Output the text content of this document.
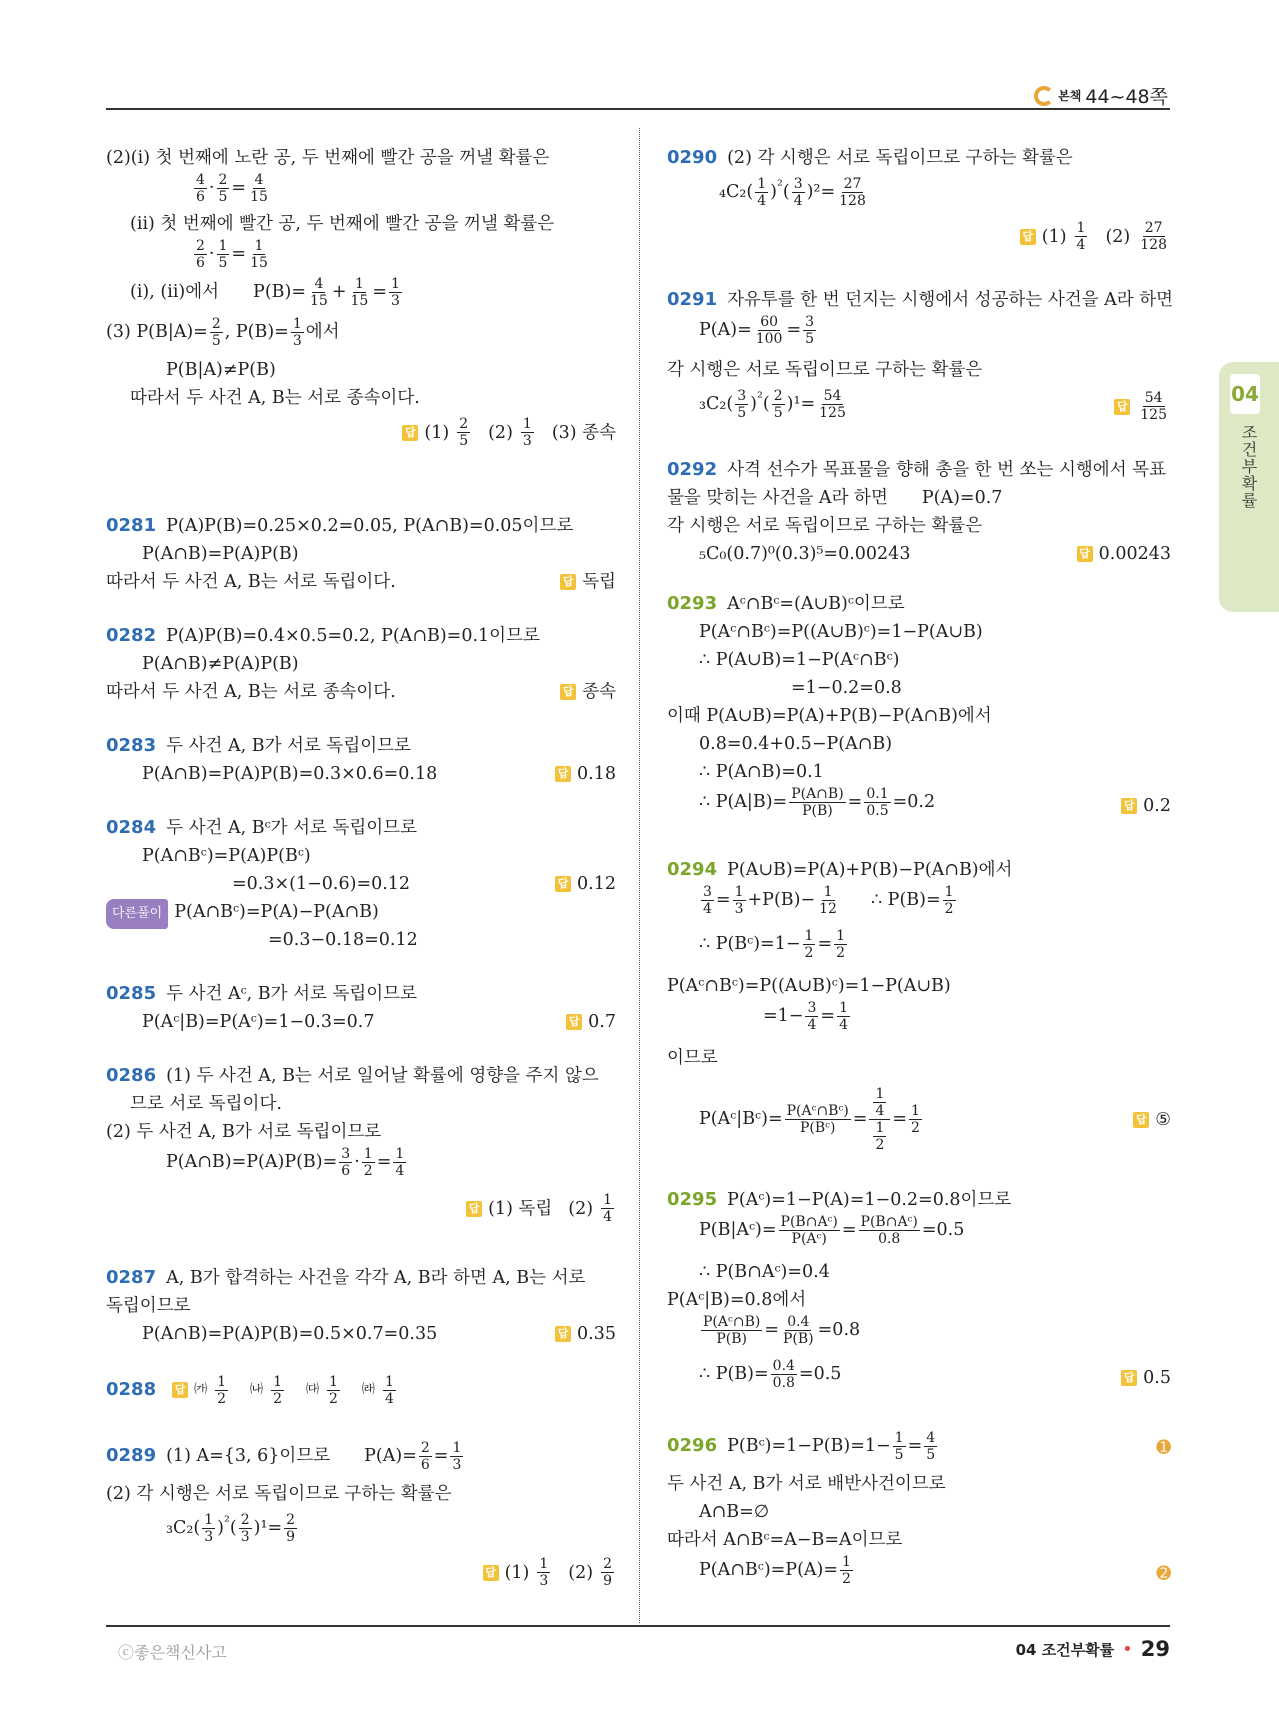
본책 44~48쪽
04
조건부확률
(2)(ⅰ) 첫 번째에 노란 공, 두 번째에 빨간 공을 꺼낼 확률은
$\frac{4}{6} \cdot \frac{2}{5} = \frac{4}{15}$
(ⅱ) 첫 번째에 빨간 공, 두 번째에 빨간 공을 꺼낼 확률은
$\frac{2}{6} \cdot \frac{1}{5} = \frac{1}{15}$
(ⅰ), (ⅱ)에서 $P(B)= \frac{4}{15} + \frac{1}{15} = \frac{1}{3}$
(3) $P(B|A)= \frac{2}{5}$ , $P(B)= \frac{1}{3}$ 에서
P(B|A)≠P(B)
따라서 두 사건 A, B는 서로 종속이다.
답 (1) 2
5 (2) 1
3 (3) 종속
0281 P(A)P(B)=0.25×0.2=0.05, P(A∩B)=0.05이므로
P(A∩B)=P(A)P(B)
따라서 두 사건 A, B는 서로 독립이다.	답 독립
0282 P(A)P(B)=0.4×0.5=0.2, P(A∩B)=0.1이므로
P(A∩B)≠P(A)P(B)
따라서 두 사건 A, B는 서로 종속이다.	답 종속
0283 두 사건 A, B가 서로 독립이므로
P(A∩B)=P(A)P(B)=0.3×0.6=0.18	답 0.18
0284 두 사건 A, Bᶜ가 서로 독립이므로
P(A∩Bᶜ)=P(A)P(Bᶜ)
=0.3×(1−0.6)=0.12	답 0.12
다른풀이 P(A∩Bᶜ)=P(A)−P(A∩B)
=0.3−0.18=0.12
0285 두 사건 Aᶜ, B가 서로 독립이므로
P(Aᶜ|B)=P(Aᶜ)=1−0.3=0.7	답 0.7
0286 (1) 두 사건 A, B는 서로 일어날 확률에 영향을 주지 않으
므로 서로 독립이다.
(2) 두 사건 A, B가 서로 독립이므로
P(A∩B)=P(A)P(B)= $\frac{3}{6} \cdot \frac{1}{2} = \frac{1}{4}$
답 (1) 독립 (2) 1
4
0287 A, B가 합격하는 사건을 각각 A, B라 하면 A, B는 서로
독립이므로
P(A∩B)=P(A)P(B)=0.5×0.7=0.35	답 0.35
0288 답 ㈎ 1
2
㈏ 1
2
㈐ 1
2
㈑ 1
4
0289 (1) A={3, 6}이므로 $P(A)= \frac{2}{6} = \frac{1}{3}$
(2) 각 시행은 서로 독립이므로 구하는 확률은
$_3C_2( \frac{1}{3} )^{^2}( \frac{2}{3} )^1= \frac{2}{9}$
답 (1) 1
3 (2) 2
9
0290 (2) 각 시행은 서로 독립이므로 구하는 확률은
$_4C_2( \frac{1}{4} )^{^2}( \frac{3}{4} )^2= \frac{27}{128}$
답 (1) 1
4 (2) 27
128
0291 자유투를 한 번 던지는 시행에서 성공하는 사건을 A라 하면
$P(A)= \frac{60}{100} = \frac{3}{5}$
각 시행은 서로 독립이므로 구하는 확률은
$_3C_2( \frac{3}{5} )^{^2}( \frac{2}{5} )^1= \frac{54}{125}$	답 54
125
0292 사격 선수가 목표물을 향해 총을 한 번 쏘는 시행에서 목표
물을 맞히는 사건을 A라 하면 P(A)=0.7
각 시행은 서로 독립이므로 구하는 확률은
₅C₀(0.7)⁰(0.3)⁵=0.00243	답 0.00243
0293 Aᶜ∩Bᶜ=(A∪B)ᶜ이므로
P(Aᶜ∩Bᶜ)=P((A∪B)ᶜ)=1−P(A∪B)
∴ P(A∪B)=1−P(Aᶜ∩Bᶜ)
=1−0.2=0.8
이때 P(A∪B)=P(A)+P(B)−P(A∩B)에서
0.8=0.4+0.5−P(A∩B)
∴ P(A∩B)=0.1
∴ $P(A|B)= \frac{P(A\cap B)}{P(B)} = \frac{0.1}{0.5} =0.2$	답 0.2
0294 P(A∪B)=P(A)+P(B)−P(A∩B)에서
$\frac{3}{4} = \frac{1}{3} +P(B)- \frac{1}{12}$ ∴ $P(B)= \frac{1}{2}$
∴ P(Bᶜ)=1− $\frac{1}{2} = \frac{1}{2}$
P(Aᶜ∩Bᶜ)=P((A∪B)ᶜ)=1−P(A∪B)
$=1- \frac{3}{4} = \frac{1}{4}$
이므로
P(Aᶜ|Bᶜ)= $\frac{\text{P(Aᶜ∩Bᶜ)}}{\text{P(Bᶜ)}}$ =
$\frac{1}{4}$
$\frac{1}{2}$
= 1
2	답 ⑤
0295 P(Aᶜ)=1−P(A)=1−0.2=0.8이므로
P(B|Aᶜ)= $\frac{\text{P(B∩Aᶜ)}}{\text{P(Aᶜ)}} = \frac{\text{P(B∩Aᶜ)}}{0.8} =0.5$
∴ P(B∩Aᶜ)=0.4
P(Aᶜ|B)=0.8에서
$\frac{\text{P(Aᶜ∩B)}}{P(B)} = \frac{0.4}{P(B)} =0.8$
∴ $P(B)= \frac{0.4}{0.8} =0.5$	답 0.5
0296 P(Bᶜ)=1−P(B)=1− $\frac{1}{5} = \frac{4}{5}$	➊
두 사건 A, B가 서로 배반사건이므로
A∩B=∅
따라서 A∩Bᶜ=A−B=A이므로
P(A∩Bᶜ)=P(A)= $\frac{1}{2}$	➋
ⓒ좋은책신사고	04 조건부확률 • 29
